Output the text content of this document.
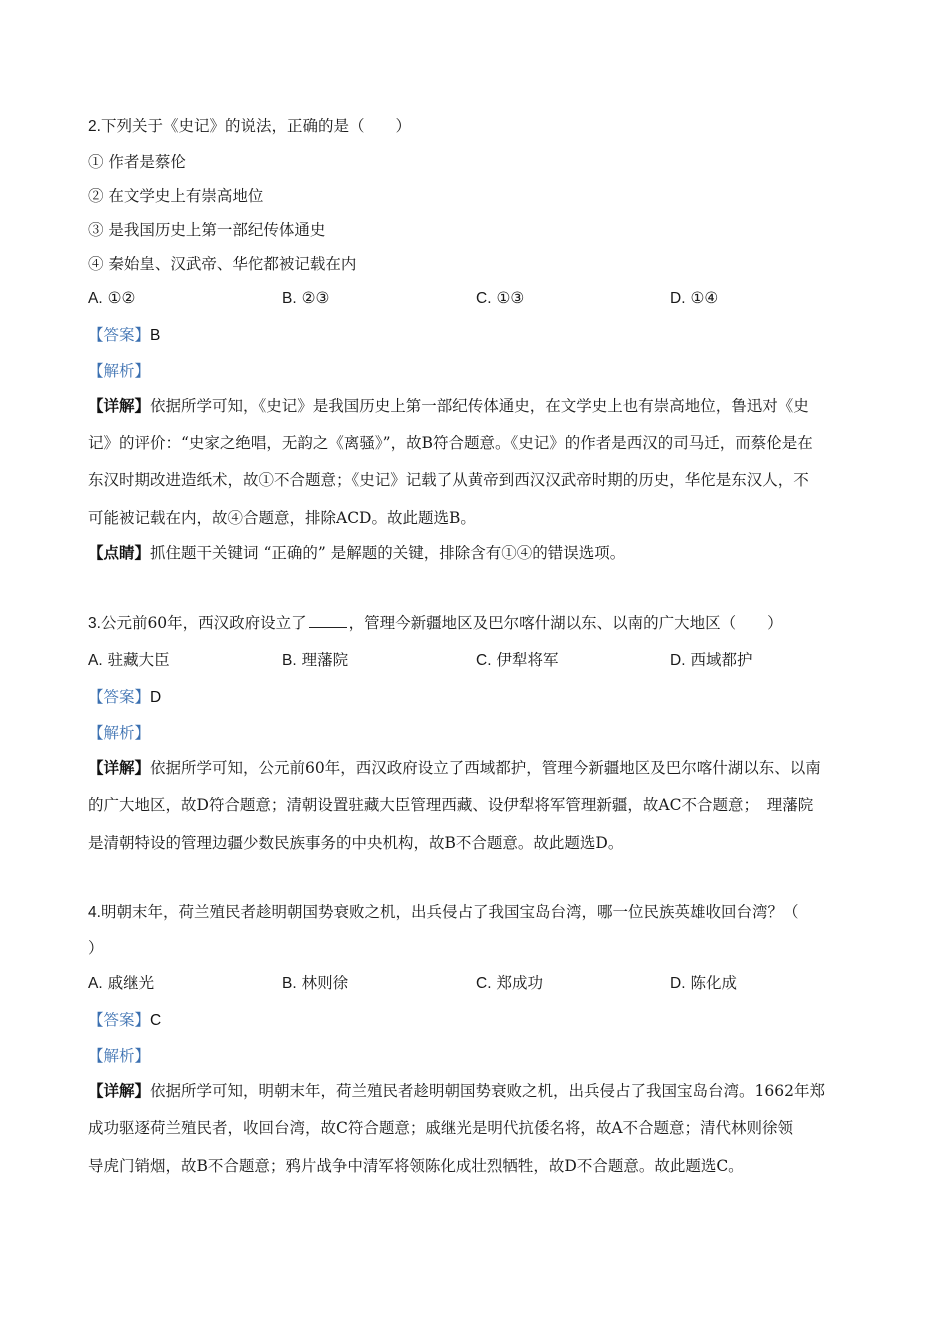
2.下列关于《史记》的说法，正确的是（　　）
① 作者是蔡伦
② 在文学史上有崇高地位
③ 是我国历史上第一部纪传体通史
④ 秦始皇、汉武帝、华佗都被记载在内
A. ①②	B. ②③	C. ①③	D. ①④
【答案】B
【解析】
【详解】依据所学可知，《史记》是我国历史上第一部纪传体通史，在文学史上也有崇高地位，鲁迅对《史
记》的评价：“史家之绝唱，无韵之《离骚》”，故B符合题意。《史记》的作者是西汉的司马迁，而蔡伦是在
东汉时期改进造纸术，故①不合题意；《史记》记载了从黄帝到西汉汉武帝时期的历史，华佗是东汉人，不
可能被记载在内，故④合题意，排除ACD。故此题选B。
【点睛】抓住题干关键词 “正确的” 是解题的关键，排除含有①④的错误选项。
3.公元前60年，西汉政府设立了	，管理今新疆地区及巴尔喀什湖以东、以南的广大地区（　　）
A. 驻藏大臣	B. 理藩院	C. 伊犁将军	D. 西域都护
【答案】D
【解析】
【详解】依据所学可知，公元前60年，西汉政府设立了西域都护，管理今新疆地区及巴尔喀什湖以东、以南
的广大地区，故D符合题意；清朝设置驻藏大臣管理西藏、设伊犁将军管理新疆，故AC不合题意；　理藩院
是清朝特设的管理边疆少数民族事务的中央机构，故B不合题意。故此题选D。
4.明朝末年，荷兰殖民者趁明朝国势衰败之机，出兵侵占了我国宝岛台湾，哪一位民族英雄收回台湾？（
）
A. 戚继光	B. 林则徐	C. 郑成功	D. 陈化成
【答案】C
【解析】
【详解】依据所学可知，明朝末年，荷兰殖民者趁明朝国势衰败之机，出兵侵占了我国宝岛台湾。1662年郑
成功驱逐荷兰殖民者，收回台湾，故C符合题意；戚继光是明代抗倭名将，故A不合题意；清代林则徐领
导虎门销烟，故B不合题意；鸦片战争中清军将领陈化成壮烈牺牲，故D不合题意。故此题选C。
